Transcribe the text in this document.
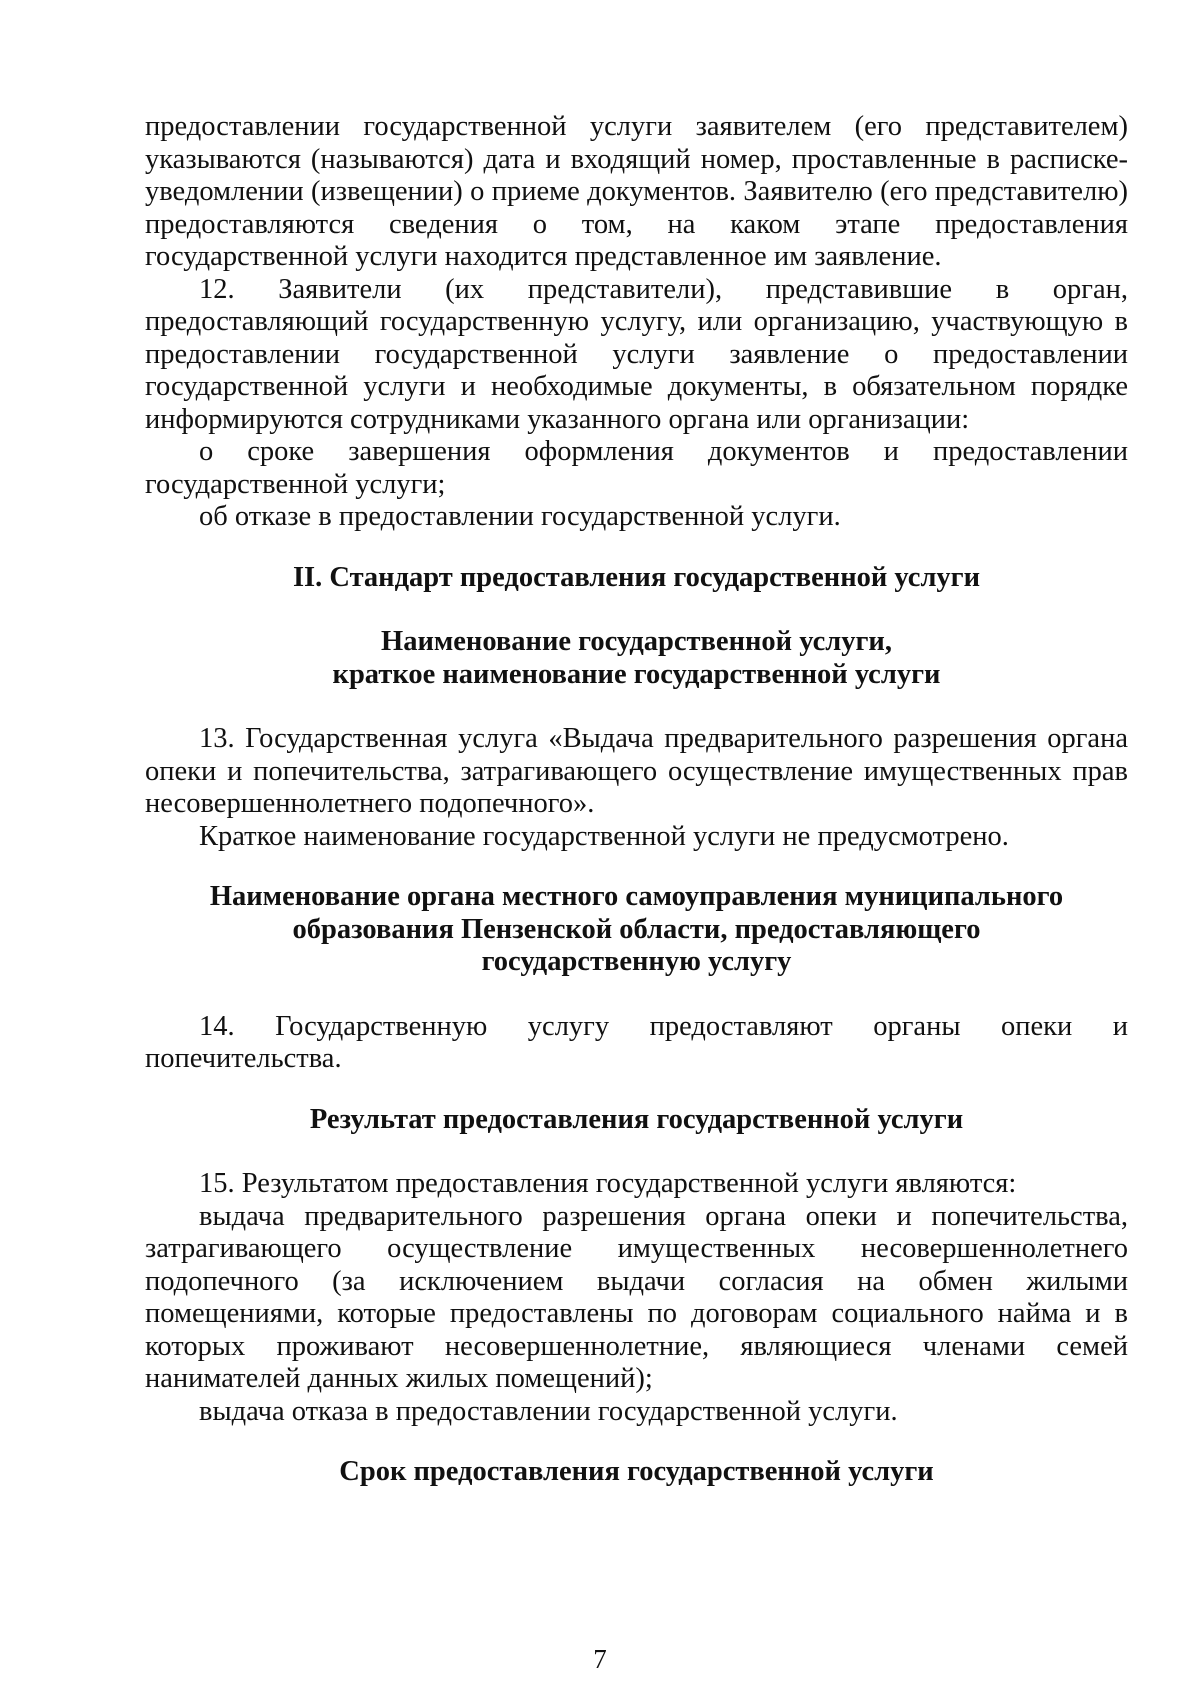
предоставлении государственной услуги заявителем (его представителем) указываются (называются) дата и входящий номер, проставленные в расписке-уведомлении (извещении) о приеме документов. Заявителю (его представителю) предоставляются сведения о том, на каком этапе предоставления государственной услуги находится представленное им заявление.

12. Заявители (их представители), представившие в орган, предоставляющий государственную услугу, или организацию, участвующую в предоставлении государственной услуги заявление о предоставлении государственной услуги и необходимые документы, в обязательном порядке информируются сотрудниками указанного органа или организации:

о сроке завершения оформления документов и предоставлении государственной услуги;

об отказе в предоставлении государственной услуги.

II. Стандарт предоставления государственной услуги
Наименование государственной услуги,
краткое наименование государственной услуги

13. Государственная услуга «Выдача предварительного разрешения органа опеки и попечительства, затрагивающего осуществление имущественных прав несовершеннолетнего подопечного».

Краткое наименование государственной услуги не предусмотрено.

Наименование органа местного самоуправления муниципального
образования Пензенской области, предоставляющего
государственную услугу

14. Государственную услугу предоставляют органы опеки и попечительства.

Результат предоставления государственной услуги

15. Результатом предоставления государственной услуги являются:

выдача предварительного разрешения органа опеки и попечительства, затрагивающего осуществление имущественных несовершеннолетнего подопечного (за исключением выдачи согласия на обмен жилыми помещениями, которые предоставлены по договорам социального найма и в которых проживают несовершеннолетние, являющиеся членами семей нанимателей данных жилых помещений);

выдача отказа в предоставлении государственной услуги.

Срок предоставления государственной услуги
7
